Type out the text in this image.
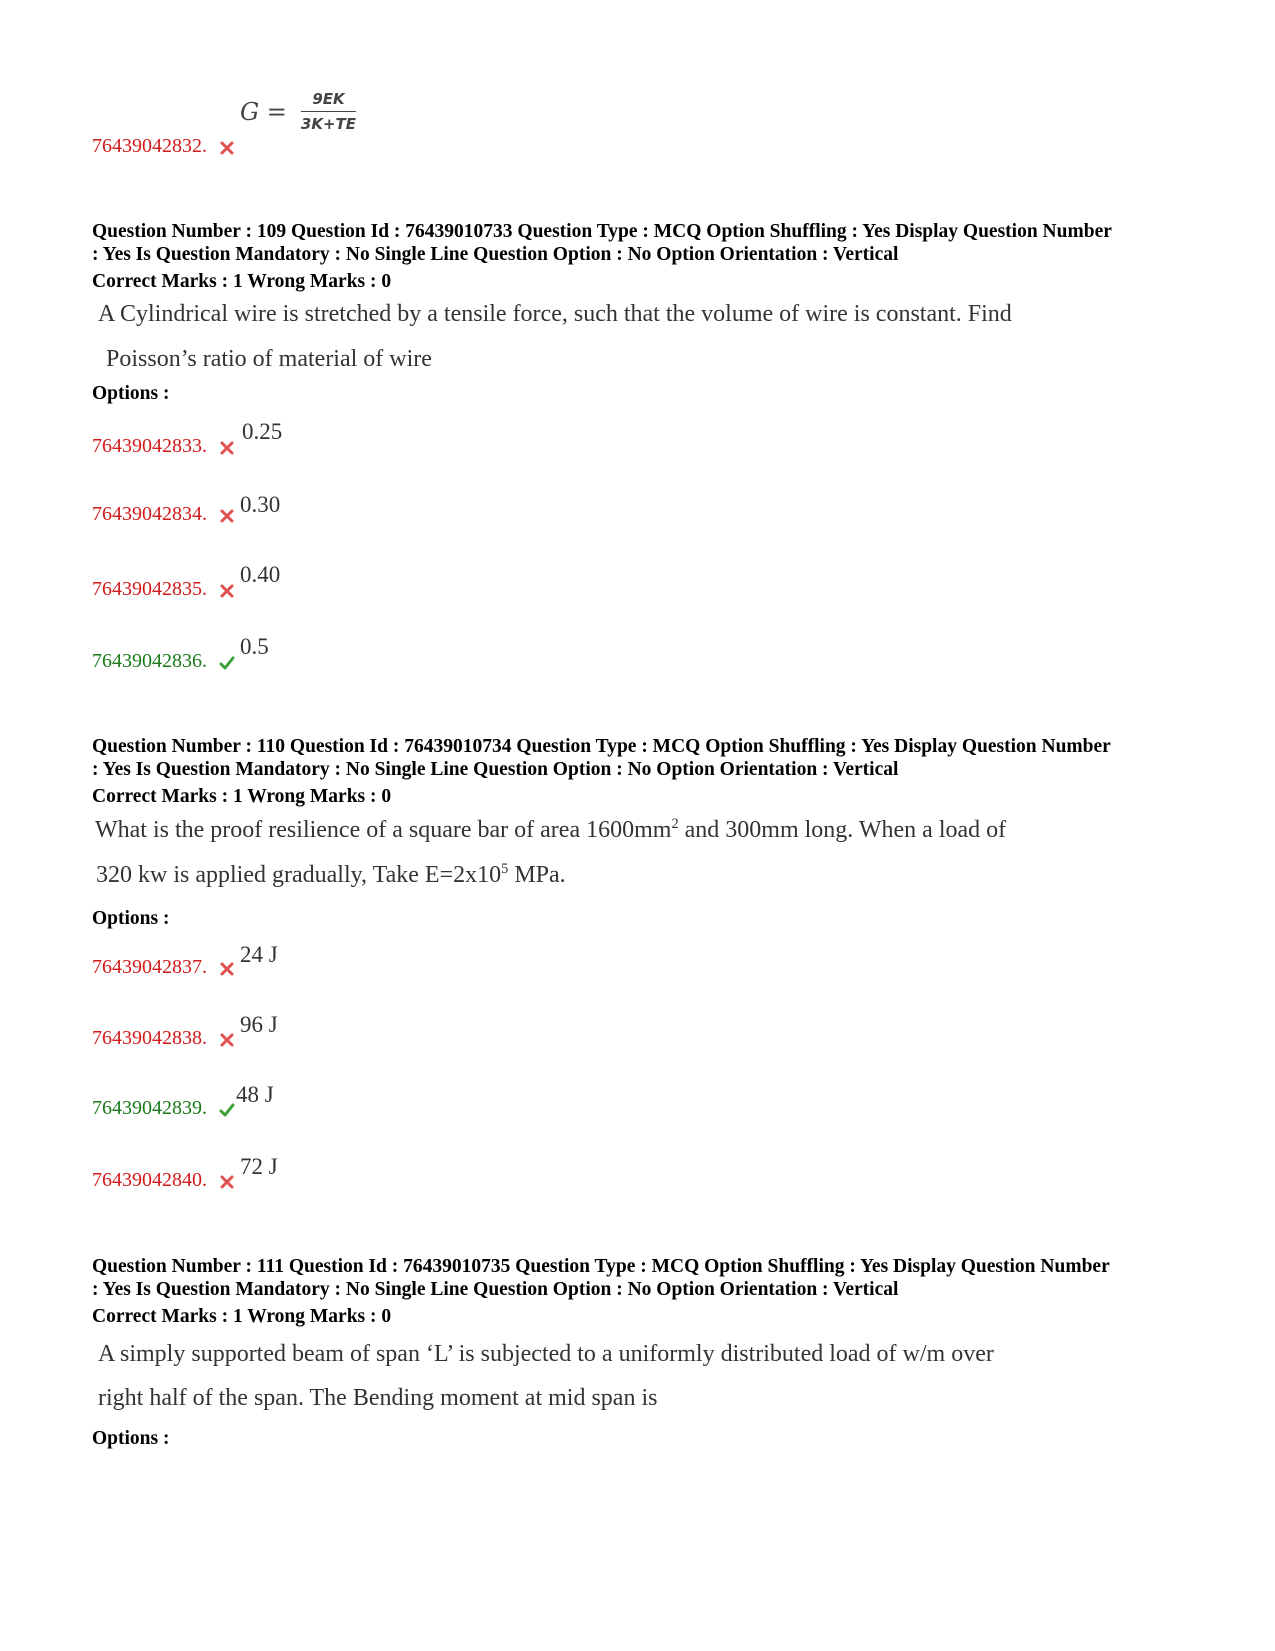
$G = \frac{9EK}{3K+TE}$
76439042832.
Question Number : 109 Question Id : 76439010733 Question Type : MCQ Option Shuffling : Yes Display Question Number
: Yes Is Question Mandatory : No Single Line Question Option : No Option Orientation : Vertical
Correct Marks : 1 Wrong Marks : 0
A Cylindrical wire is stretched by a tensile force, such that the volume of wire is constant. Find
Poisson’s ratio of material of wire
Options :
0.25
76439042833.
0.30
76439042834.
0.40
76439042835.
0.5
76439042836.
Question Number : 110 Question Id : 76439010734 Question Type : MCQ Option Shuffling : Yes Display Question Number
: Yes Is Question Mandatory : No Single Line Question Option : No Option Orientation : Vertical
Correct Marks : 1 Wrong Marks : 0
What is the proof resilience of a square bar of area $1600mm^2$ and 300mm long. When a load of
320 kw is applied gradually, Take $E=2x10^5$ MPa.
Options :
24 J
76439042837.
96 J
76439042838.
48 J
76439042839.
72 J
76439042840.
Question Number : 111 Question Id : 76439010735 Question Type : MCQ Option Shuffling : Yes Display Question Number
: Yes Is Question Mandatory : No Single Line Question Option : No Option Orientation : Vertical
Correct Marks : 1 Wrong Marks : 0
A simply supported beam of span ‘L’ is subjected to a uniformly distributed load of w/m over
right half of the span. The Bending moment at mid span is
Options :
